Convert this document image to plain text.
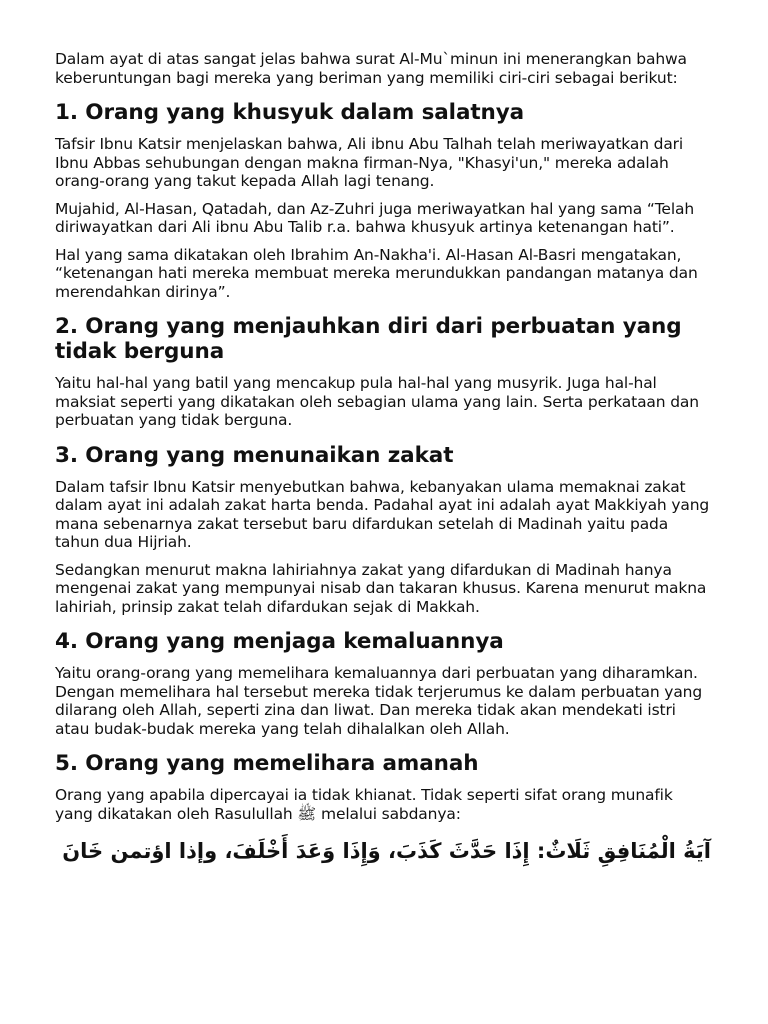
Dalam ayat di atas sangat jelas bahwa surat Al-Mu`minun ini menerangkan bahwa keberuntungan bagi mereka yang beriman yang memiliki ciri-ciri sebagai berikut:

1. Orang yang khusyuk dalam salatnya

Tafsir Ibnu Katsir menjelaskan bahwa, Ali ibnu Abu Talhah telah meriwayatkan dari Ibnu Abbas sehubungan dengan makna firman-Nya, "Khasyi'un," mereka adalah orang-orang yang takut kepada Allah lagi tenang.

Mujahid, Al-Hasan, Qatadah, dan Az-Zuhri juga meriwayatkan hal yang sama “Telah diriwayatkan dari Ali ibnu Abu Talib r.a. bahwa khusyuk artinya ketenangan hati”.

Hal yang sama dikatakan oleh Ibrahim An-Nakha'i. Al-Hasan Al-Basri mengatakan, “ketenangan hati mereka membuat mereka merundukkan pandangan matanya dan merendahkan dirinya”.

2. Orang yang menjauhkan diri dari perbuatan yang tidak berguna

Yaitu hal-hal yang batil yang mencakup pula hal-hal yang musyrik. Juga hal-hal maksiat seperti yang dikatakan oleh sebagian ulama yang lain. Serta perkataan dan perbuatan yang tidak berguna.

3. Orang yang menunaikan zakat

Dalam tafsir Ibnu Katsir menyebutkan bahwa, kebanyakan ulama memaknai zakat dalam ayat ini adalah zakat harta benda. Padahal ayat ini adalah ayat Makkiyah yang mana sebenarnya zakat tersebut baru difardukan setelah di Madinah yaitu pada tahun dua Hijriah.

Sedangkan menurut makna lahiriahnya zakat yang difardukan di Madinah hanya mengenai zakat yang mempunyai nisab dan takaran khusus. Karena menurut makna lahiriah, prinsip zakat telah difardukan sejak di Makkah.

4. Orang yang menjaga kemaluannya

Yaitu orang-orang yang memelihara kemaluannya dari perbuatan yang diharamkan. Dengan memelihara hal tersebut mereka tidak terjerumus ke dalam perbuatan yang dilarang oleh Allah, seperti zina dan liwat. Dan mereka tidak akan mendekati istri atau budak-budak mereka yang telah dihalalkan oleh Allah.

5. Orang yang memelihara amanah

Orang yang apabila dipercayai ia tidak khianat. Tidak seperti sifat orang munafik yang dikatakan oleh Rasulullah ﷺ melalui sabdanya:

آيَةُ الْمُنَافِقِ ثَلَاثٌ: إِذَا حَدَّثَ كَذَبَ، وَإِذَا وَعَدَ أَخْلَفَ، وإذا اؤتمن خَانَ
